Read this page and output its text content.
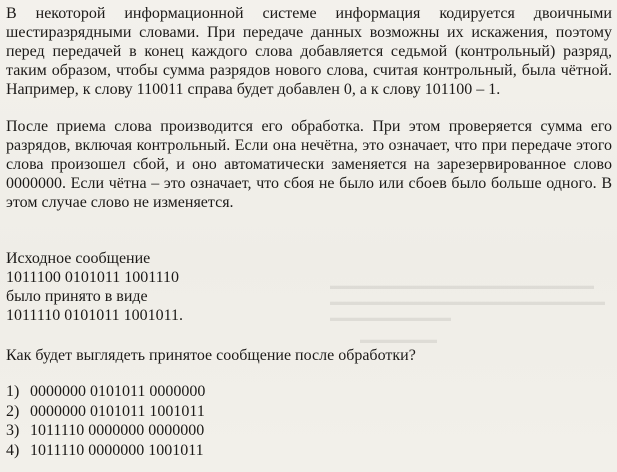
▬▬▬▬▬▬▬▬▬▬▬▬▬▬▬▬▬▬▬▬▬▬▬▬
▬▬▬▬▬▬▬▬▬▬▬▬▬▬▬▬▬▬▬▬▬▬▬▬▬
▬▬▬▬▬▬▬▬▬▬▬
▬▬▬▬▬▬▬

В некоторой информационной системе информация кодируется двоичными шестиразрядными словами. При передаче данных возможны их искажения, поэтому перед передачей в конец каждого слова добавляется седьмой (контрольный) разряд, таким образом, чтобы сумма разрядов нового слова, считая контрольный, была чётной. Например, к слову 110011 справа будет добавлен 0, а к слову 101100 – 1.

После приема слова производится его обработка. При этом проверяется сумма его разрядов, включая контрольный. Если она нечётна, это означает, что при передаче этого слова произошел сбой, и оно автоматически заменяется на зарезервированное слово 0000000. Если чётна – это означает, что сбоя не было или сбоев было больше одного. В этом случае слово не изменяется.

Исходное сообщение
1011100 0101011 1001110
было принято в виде
1011110 0101011 1001011.
Как будет выглядеть принятое сообщение после обработки?
1) 0000000 0101011 0000000
2) 0000000 0101011 1001011
3) 1011110 0000000 0000000
4) 1011110 0000000 1001011
